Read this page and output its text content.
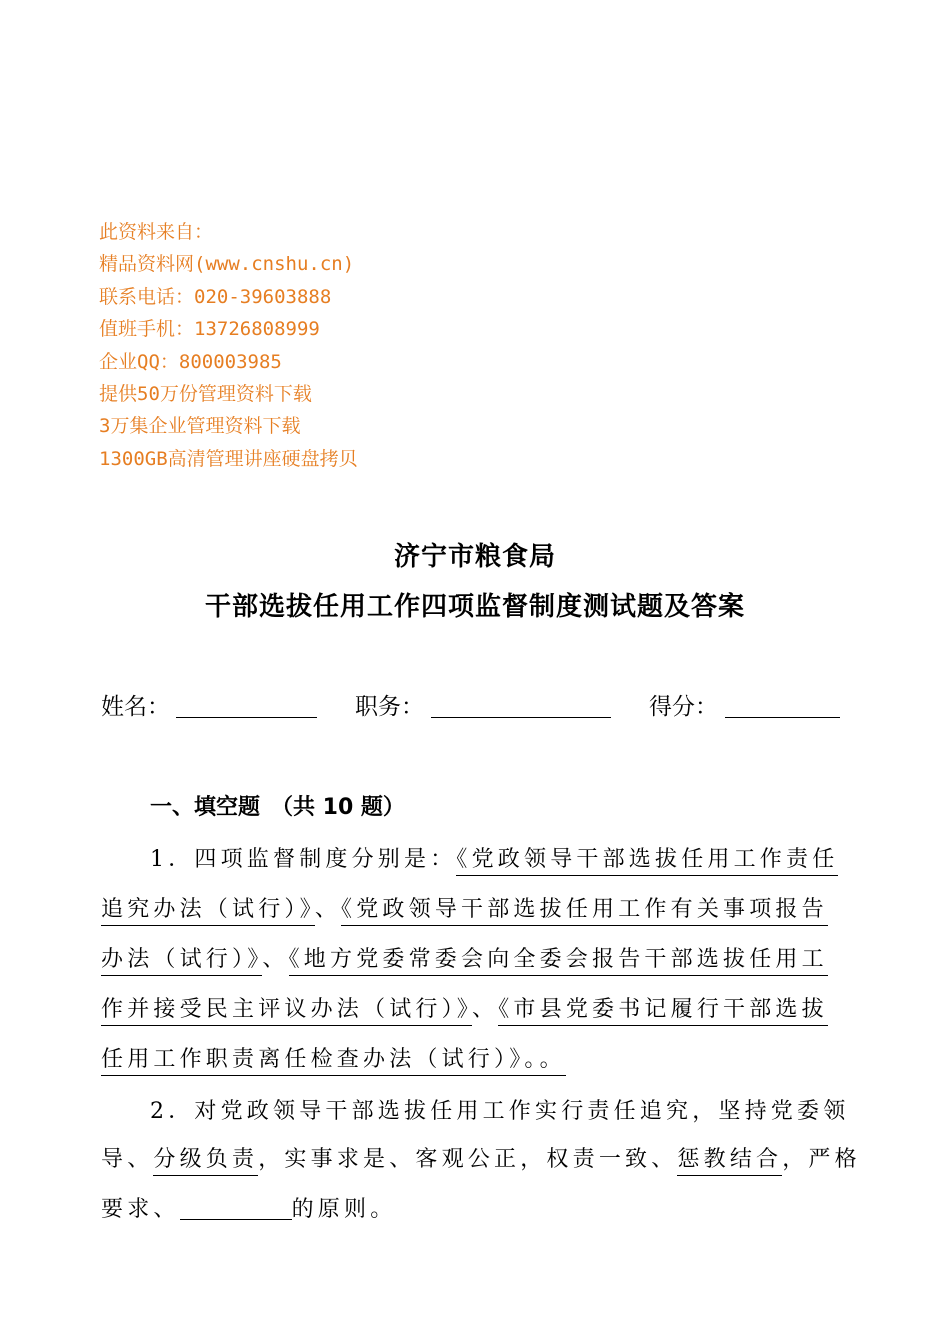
此资料来自：
精品资料网(www.cnshu.cn)
联系电话：020-39603888
值班手机：13726808999
企业QQ：800003985
提供50万份管理资料下载
3万集企业管理资料下载
1300GB高清管理讲座硬盘拷贝
济宁市粮食局
干部选拔任用工作四项监督制度测试题及答案
姓名：	职务：	得分：
一、填空题　（共 10 题）
1．四项监督制度分别是：《党政领导干部选拔任用工作责任
追究办法（试行）》、《党政领导干部选拔任用工作有关事项报告
办法（试行）》、《地方党委常委会向全委会报告干部选拔任用工
作并接受民主评议办法（试行）》、《市县党委书记履行干部选拔
任用工作职责离任检查办法（试行）》。。
2．对党政领导干部选拔任用工作实行责任追究，坚持党委领
导、分级负责，实事求是、客观公正，权责一致、惩教结合，严格
要求、	的原则。
